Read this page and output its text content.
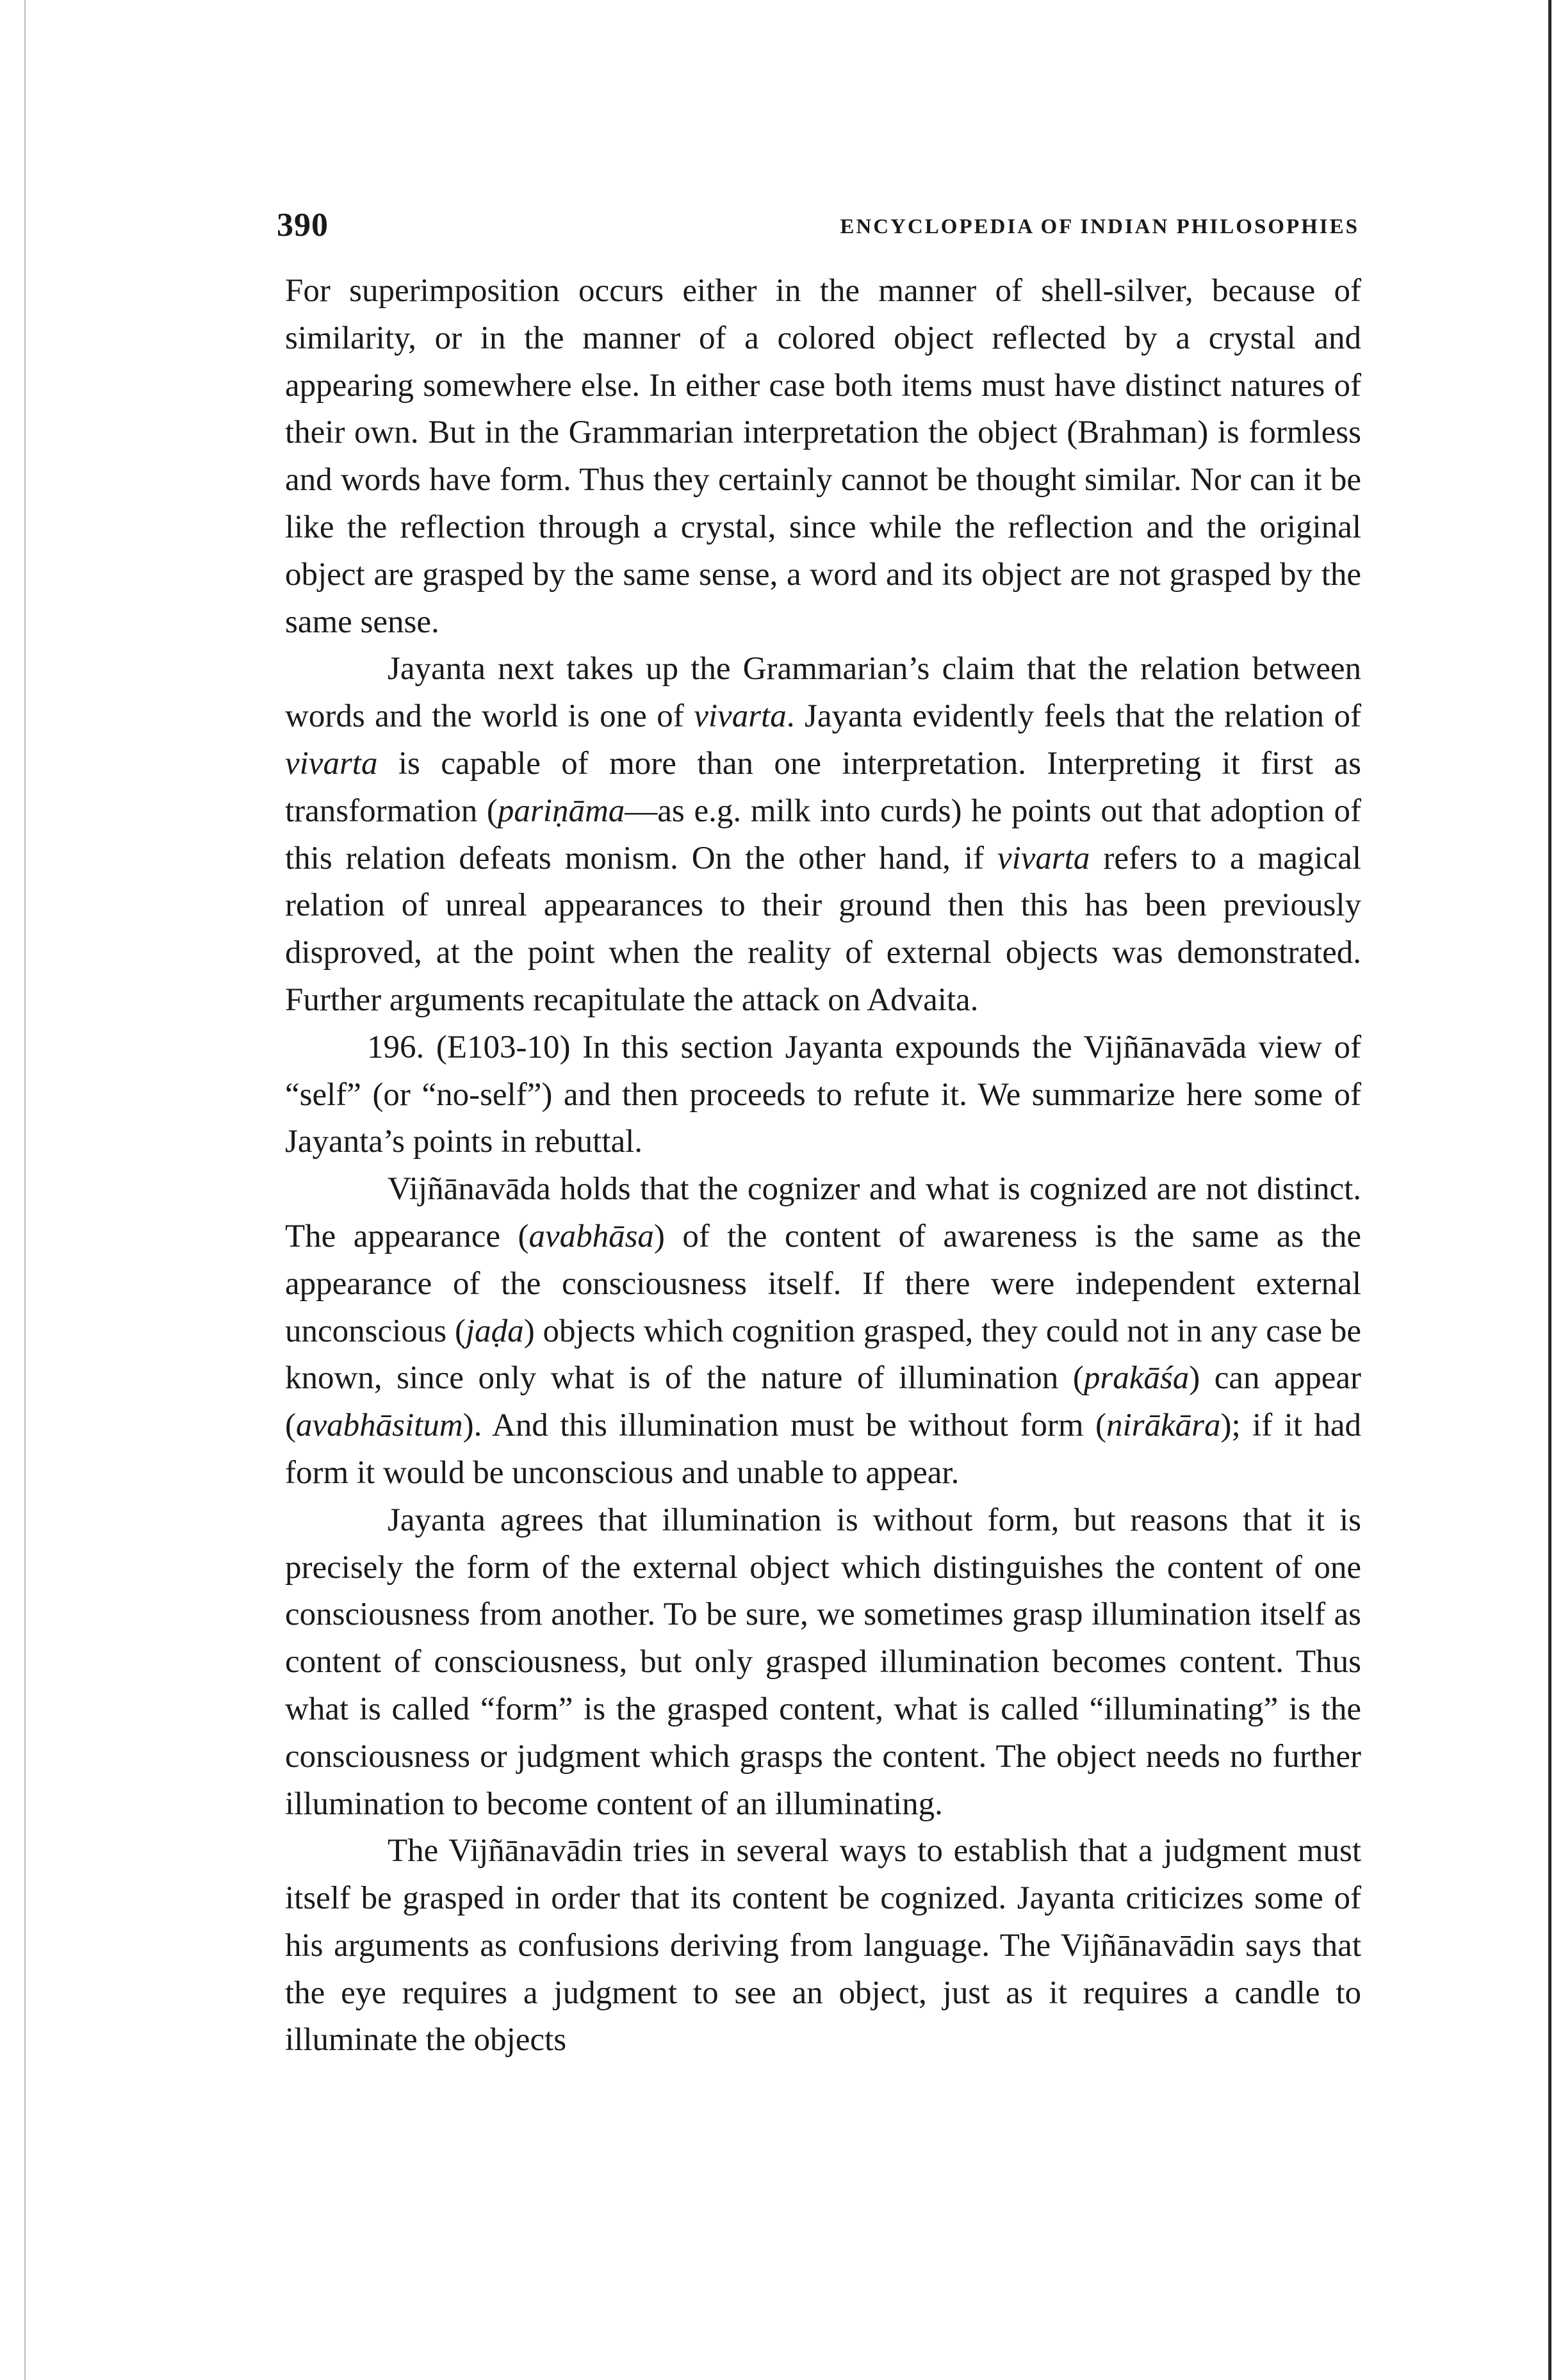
390	ENCYCLOPEDIA OF INDIAN PHILOSOPHIES

For superimposition occurs either in the manner of shell-silver, because of similarity, or in the manner of a colored object reflected by a crystal and appearing somewhere else. In either case both items must have distinct natures of their own. But in the Grammarian interpretation the object (Brahman) is formless and words have form. Thus they certainly cannot be thought similar. Nor can it be like the reflection through a crystal, since while the reflection and the original object are grasped by the same sense, a word and its object are not grasped by the same sense.

Jayanta next takes up the Grammarian’s claim that the relation between words and the world is one of vivarta. Jayanta evidently feels that the relation of vivarta is capable of more than one interpretation. Interpreting it first as transformation (pariṇāma—as e.g. milk into curds) he points out that adoption of this relation defeats monism. On the other hand, if vivarta refers to a magical relation of unreal appearances to their ground then this has been previously disproved, at the point when the reality of external objects was demonstrated. Further arguments recapitulate the attack on Advaita.

196. (E103-10) In this section Jayanta expounds the Vijñānavāda view of “self” (or “no-self”) and then proceeds to refute it. We summarize here some of Jayanta’s points in rebuttal.

Vijñānavāda holds that the cognizer and what is cognized are not distinct. The appearance (avabhāsa) of the content of awareness is the same as the appearance of the consciousness itself. If there were independent external unconscious (jaḍa) objects which cognition grasped, they could not in any case be known, since only what is of the nature of illumination (prakāśa) can appear (avabhāsitum). And this illumination must be without form (nirākāra); if it had form it would be unconscious and unable to appear.

Jayanta agrees that illumination is without form, but reasons that it is precisely the form of the external object which distinguishes the content of one consciousness from another. To be sure, we sometimes grasp illumination itself as content of consciousness, but only grasped illumination becomes content. Thus what is called “form” is the grasped content, what is called “illuminating” is the consciousness or judgment which grasps the content. The object needs no further illumination to become content of an illuminating.

The Vijñānavādin tries in several ways to establish that a judgment must itself be grasped in order that its content be cognized. Jayanta criticizes some of his arguments as confusions deriving from language. The Vijñānavādin says that the eye requires a judgment to see an object, just as it requires a candle to illuminate the objects
